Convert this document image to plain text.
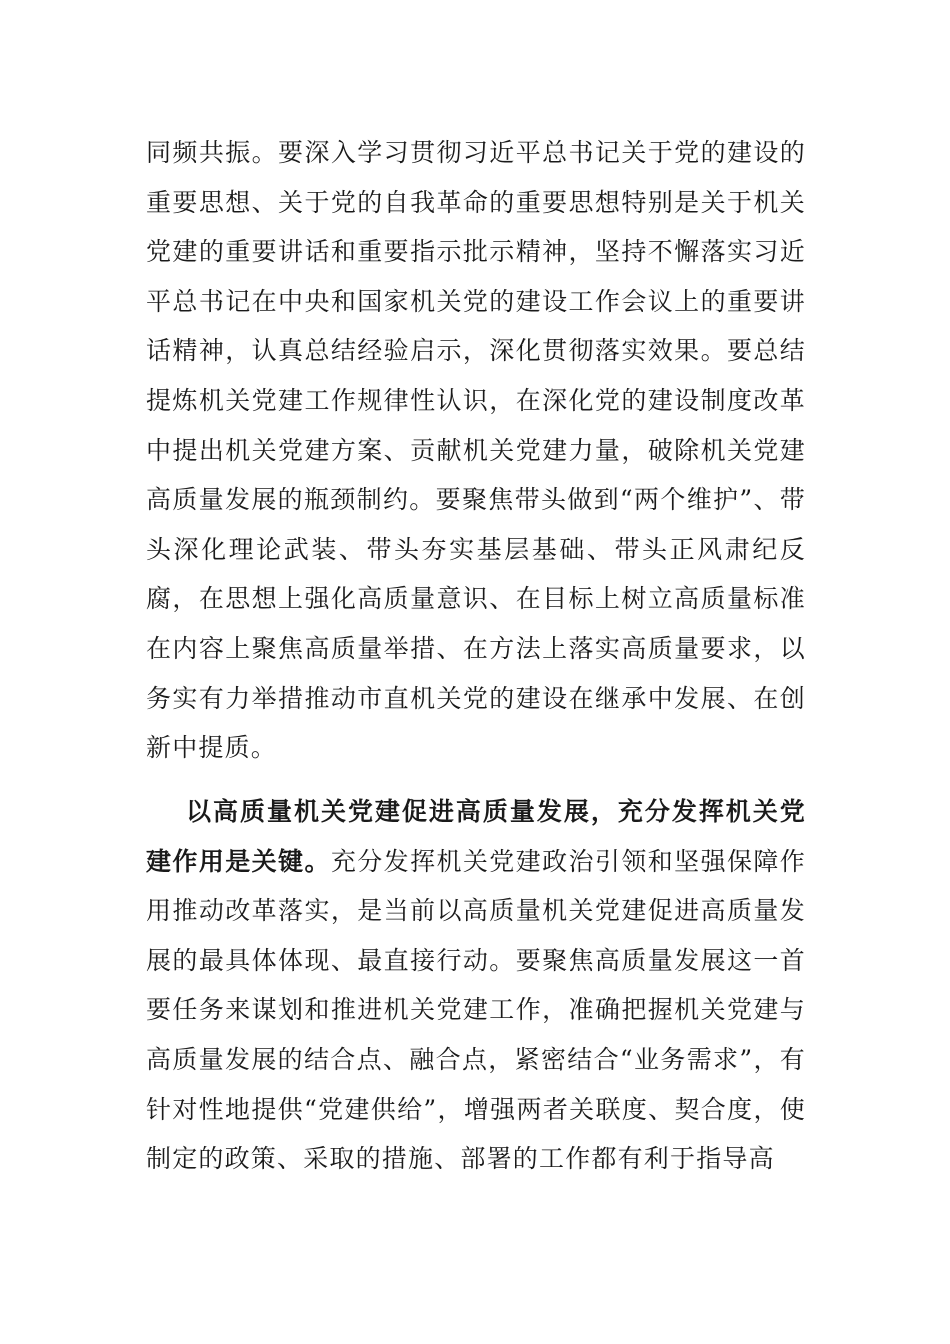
同频共振。要深入学习贯彻习近平总书记关于党的建设的重要思想、关于党的自我革命的重要思想特别是关于机关党建的重要讲话和重要指示批示精神，坚持不懈落实习近平总书记在中央和国家机关党的建设工作会议上的重要讲话精神，认真总结经验启示，深化贯彻落实效果。要总结提炼机关党建工作规律性认识，在深化党的建设制度改革中提出机关党建方案、贡献机关党建力量，破除机关党建高质量发展的瓶颈制约。要聚焦带头做到“两个维护”、带头深化理论武装、带头夯实基层基础、带头正风肃纪反腐，在思想上强化高质量意识、在目标上树立高质量标准在内容上聚焦高质量举措、在方法上落实高质量要求，以务实有力举措推动市直机关党的建设在继承中发展、在创新中提质。

以高质量机关党建促进高质量发展，充分发挥机关党建作用是关键。充分发挥机关党建政治引领和坚强保障作用推动改革落实，是当前以高质量机关党建促进高质量发展的最具体体现、最直接行动。要聚焦高质量发展这一首要任务来谋划和推进机关党建工作，准确把握机关党建与高质量发展的结合点、融合点，紧密结合“业务需求”，有针对性地提供“党建供给”，增强两者关联度、契合度，使制定的政策、采取的措施、部署的工作都有利于指导高
